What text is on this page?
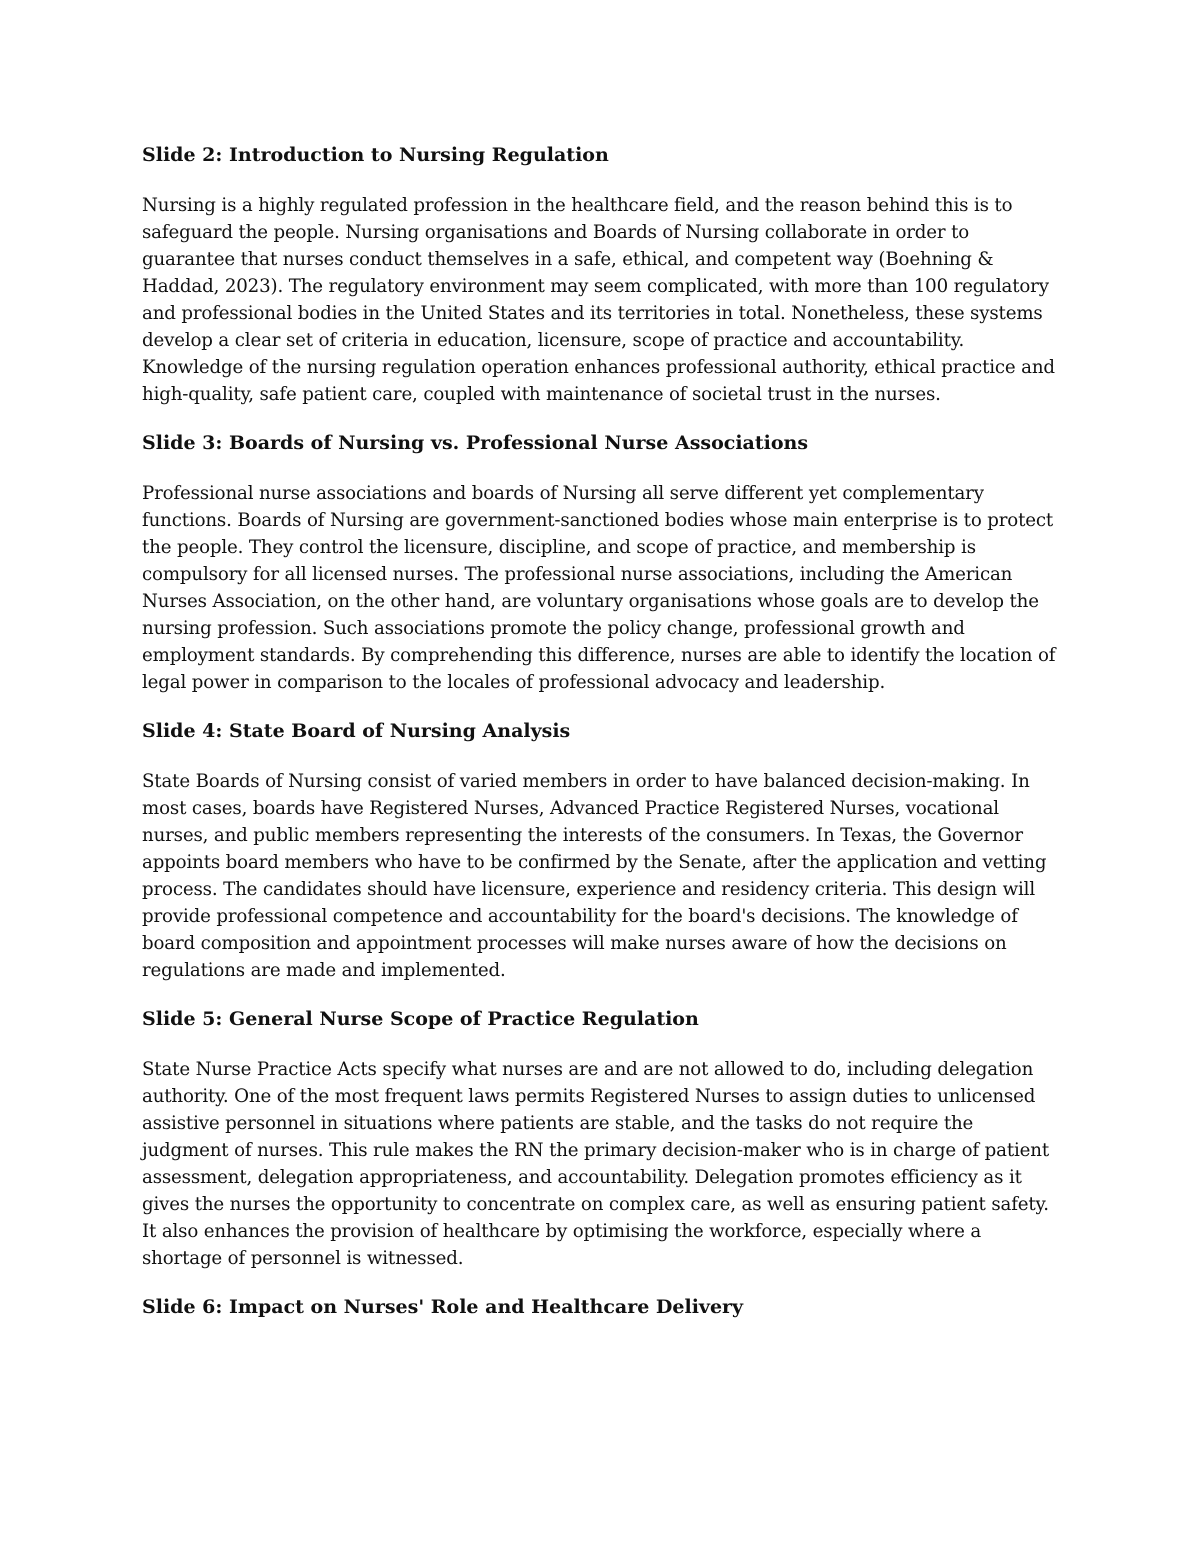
Slide 2: Introduction to Nursing Regulation

Nursing is a highly regulated profession in the healthcare field, and the reason behind this is to safeguard the people. Nursing organisations and Boards of Nursing collaborate in order to guarantee that nurses conduct themselves in a safe, ethical, and competent way (Boehning & Haddad, 2023). The regulatory environment may seem complicated, with more than 100 regulatory and professional bodies in the United States and its territories in total. Nonetheless, these systems develop a clear set of criteria in education, licensure, scope of practice and accountability. Knowledge of the nursing regulation operation enhances professional authority, ethical practice and high-quality, safe patient care, coupled with maintenance of societal trust in the nurses.

Slide 3: Boards of Nursing vs. Professional Nurse Associations

Professional nurse associations and boards of Nursing all serve different yet complementary functions. Boards of Nursing are government-sanctioned bodies whose main enterprise is to protect the people. They control the licensure, discipline, and scope of practice, and membership is compulsory for all licensed nurses. The professional nurse associations, including the American Nurses Association, on the other hand, are voluntary organisations whose goals are to develop the nursing profession. Such associations promote the policy change, professional growth and employment standards. By comprehending this difference, nurses are able to identify the location of legal power in comparison to the locales of professional advocacy and leadership.

Slide 4: State Board of Nursing Analysis

State Boards of Nursing consist of varied members in order to have balanced decision-making. In most cases, boards have Registered Nurses, Advanced Practice Registered Nurses, vocational nurses, and public members representing the interests of the consumers. In Texas, the Governor appoints board members who have to be confirmed by the Senate, after the application and vetting process. The candidates should have licensure, experience and residency criteria. This design will provide professional competence and accountability for the board's decisions. The knowledge of board composition and appointment processes will make nurses aware of how the decisions on regulations are made and implemented.

Slide 5: General Nurse Scope of Practice Regulation

State Nurse Practice Acts specify what nurses are and are not allowed to do, including delegation authority. One of the most frequent laws permits Registered Nurses to assign duties to unlicensed assistive personnel in situations where patients are stable, and the tasks do not require the judgment of nurses. This rule makes the RN the primary decision-maker who is in charge of patient assessment, delegation appropriateness, and accountability. Delegation promotes efficiency as it gives the nurses the opportunity to concentrate on complex care, as well as ensuring patient safety. It also enhances the provision of healthcare by optimising the workforce, especially where a shortage of personnel is witnessed.

Slide 6: Impact on Nurses' Role and Healthcare Delivery
